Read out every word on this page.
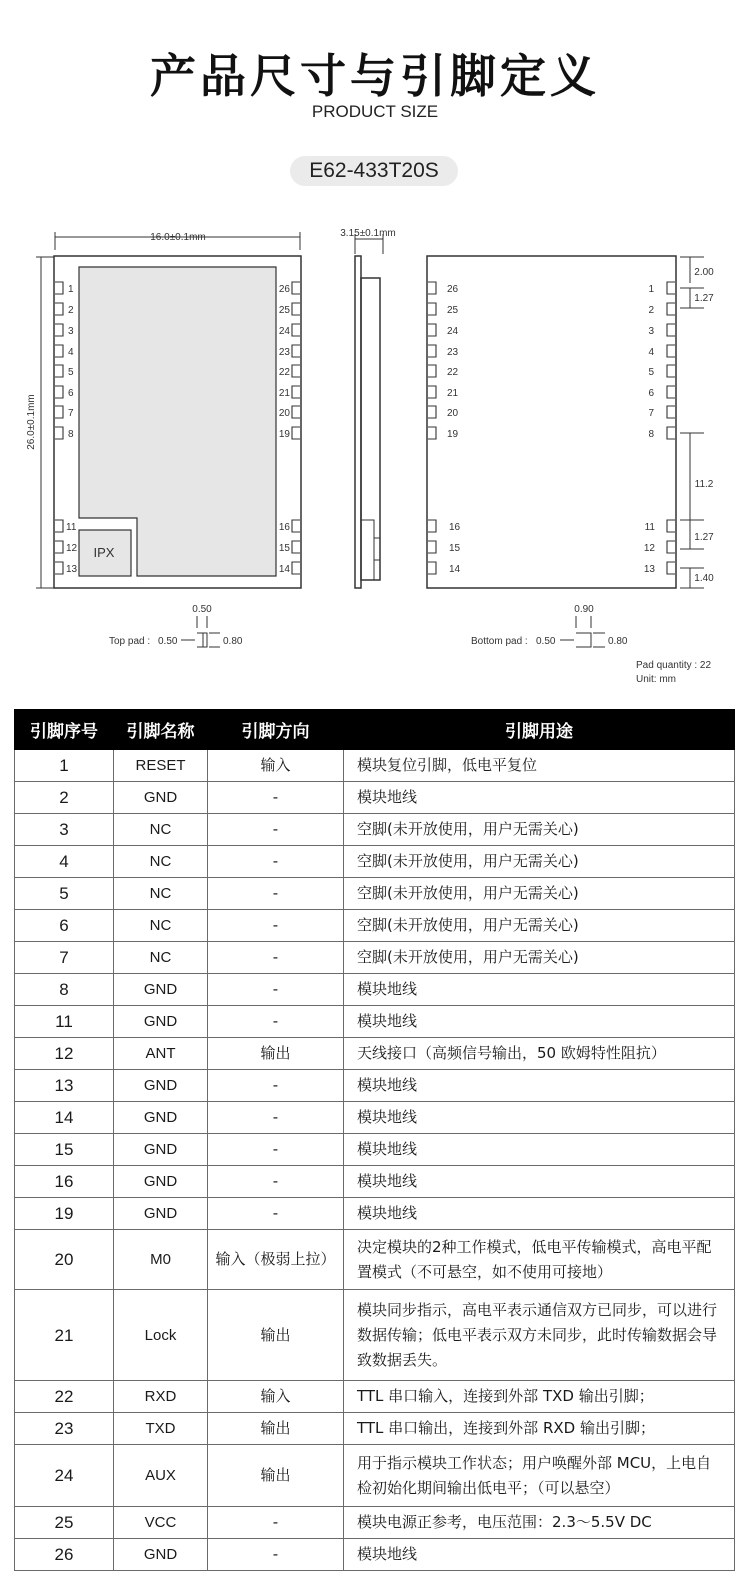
产品尺寸与引脚定义
PRODUCT SIZE
E62-433T20S
1
2
3
4
5
6
7
8
11
12
13
26
25
24
23
22
21
20
19
16
15
14
26
25
24
23
22
21
20
19
16
15
14
1
2
3
4
5
6
7
8
11
12
13
16.0±0.1mm
26.0±0.1mm
3.15±0.1mm
IPX
2.00
1.27
11.2
1.27
1.40
0.50
Top pad : 0.50	0.80
0.90
Bottom pad : 0.50	0.80
Pad quantity : 22
Unit: mm
引脚序号	引脚名称	引脚方向	引脚用途
1	RESET	输入	模块复位引脚，低电平复位
2	GND	-	模块地线
3	NC	-	空脚(未开放使用，用户无需关心)
4	NC	-	空脚(未开放使用，用户无需关心)
5	NC	-	空脚(未开放使用，用户无需关心)
6	NC	-	空脚(未开放使用，用户无需关心)
7	NC	-	空脚(未开放使用，用户无需关心)
8	GND	-	模块地线
11	GND	-	模块地线
12	ANT	输出	天线接口（高频信号输出，50 欧姆特性阻抗）
13	GND	-	模块地线
14	GND	-	模块地线
15	GND	-	模块地线
16	GND	-	模块地线
19	GND	-	模块地线
20	M0	输入（极弱上拉）	决定模块的2种工作模式，低电平传输模式，高电平配置模式（不可悬空，如不使用可接地）
21	Lock	输出	模块同步指示，高电平表示通信双方已同步，可以进行数据传输；低电平表示双方未同步，此时传输数据会导致数据丢失。
22	RXD	输入	TTL 串口输入，连接到外部 TXD 输出引脚；
23	TXD	输出	TTL 串口输出，连接到外部 RXD 输出引脚；
24	AUX	输出	用于指示模块工作状态；用户唤醒外部 MCU，上电自检初始化期间输出低电平；（可以悬空）
25	VCC	-	模块电源正参考，电压范围：2.3～5.5V DC
26	GND	-	模块地线
